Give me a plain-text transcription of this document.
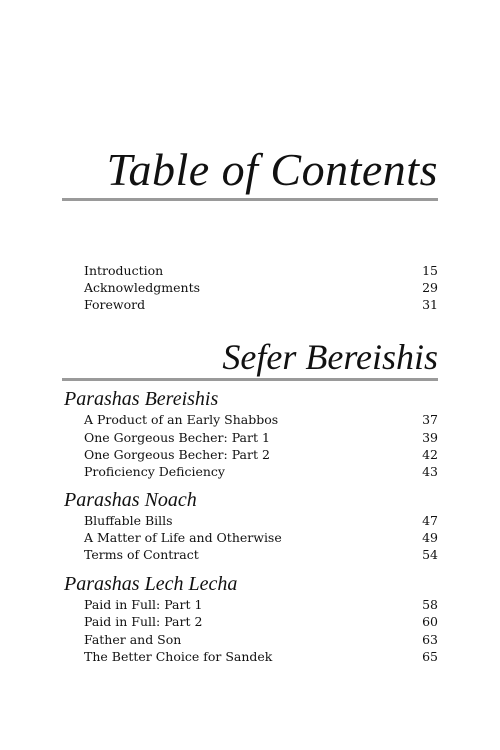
Table of Contents
Introduction	15
Acknowledgments	29
Foreword	31
Sefer Bereishis
Parashas Bereishis
A Product of an Early Shabbos	37
One Gorgeous Becher: Part 1	39
One Gorgeous Becher: Part 2	42
Proficiency Deficiency	43
Parashas Noach
Bluffable Bills	47
A Matter of Life and Otherwise	49
Terms of Contract	54
Parashas Lech Lecha
Paid in Full: Part 1	58
Paid in Full: Part 2	60
Father and Son	63
The Better Choice for Sandek	65
